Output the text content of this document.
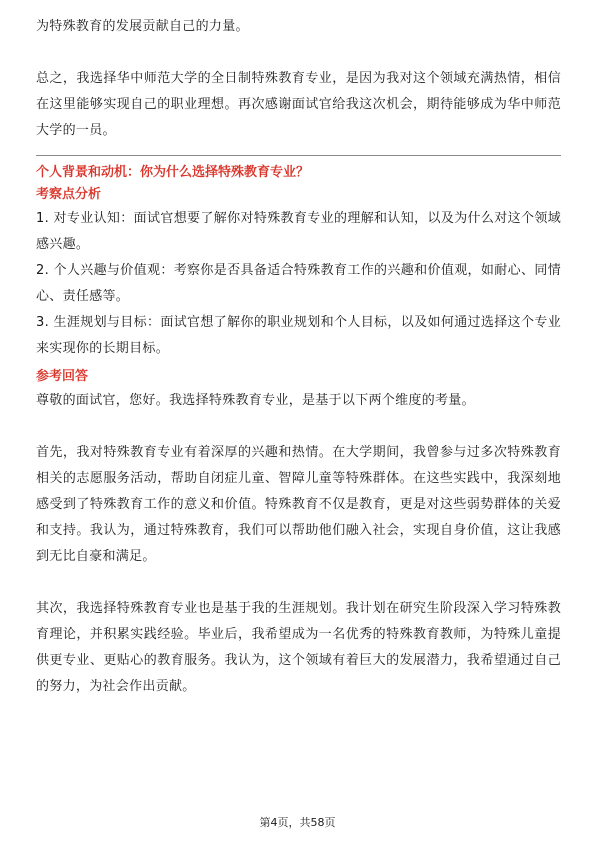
为特殊教育的发展贡献自己的力量。

总之，我选择华中师范大学的全日制特殊教育专业，是因为我对这个领域充满热情，相信在这里能够实现自己的职业理想。再次感谢面试官给我这次机会，期待能够成为华中师范大学的一员。

个人背景和动机：你为什么选择特殊教育专业？
考察点分析

1. 对专业认知：面试官想要了解你对特殊教育专业的理解和认知，以及为什么对这个领域感兴趣。

2. 个人兴趣与价值观：考察你是否具备适合特殊教育工作的兴趣和价值观，如耐心、同情心、责任感等。

3. 生涯规划与目标：面试官想了解你的职业规划和个人目标，以及如何通过选择这个专业来实现你的长期目标。

参考回答

尊敬的面试官，您好。我选择特殊教育专业，是基于以下两个维度的考量。

首先，我对特殊教育专业有着深厚的兴趣和热情。在大学期间，我曾参与过多次特殊教育相关的志愿服务活动，帮助自闭症儿童、智障儿童等特殊群体。在这些实践中，我深刻地感受到了特殊教育工作的意义和价值。特殊教育不仅是教育，更是对这些弱势群体的关爱和支持。我认为，通过特殊教育，我们可以帮助他们融入社会，实现自身价值，这让我感到无比自豪和满足。

其次，我选择特殊教育专业也是基于我的生涯规划。我计划在研究生阶段深入学习特殊教育理论，并积累实践经验。毕业后，我希望成为一名优秀的特殊教育教师，为特殊儿童提供更专业、更贴心的教育服务。我认为，这个领域有着巨大的发展潜力，我希望通过自己的努力，为社会作出贡献。

第4页，共58页
